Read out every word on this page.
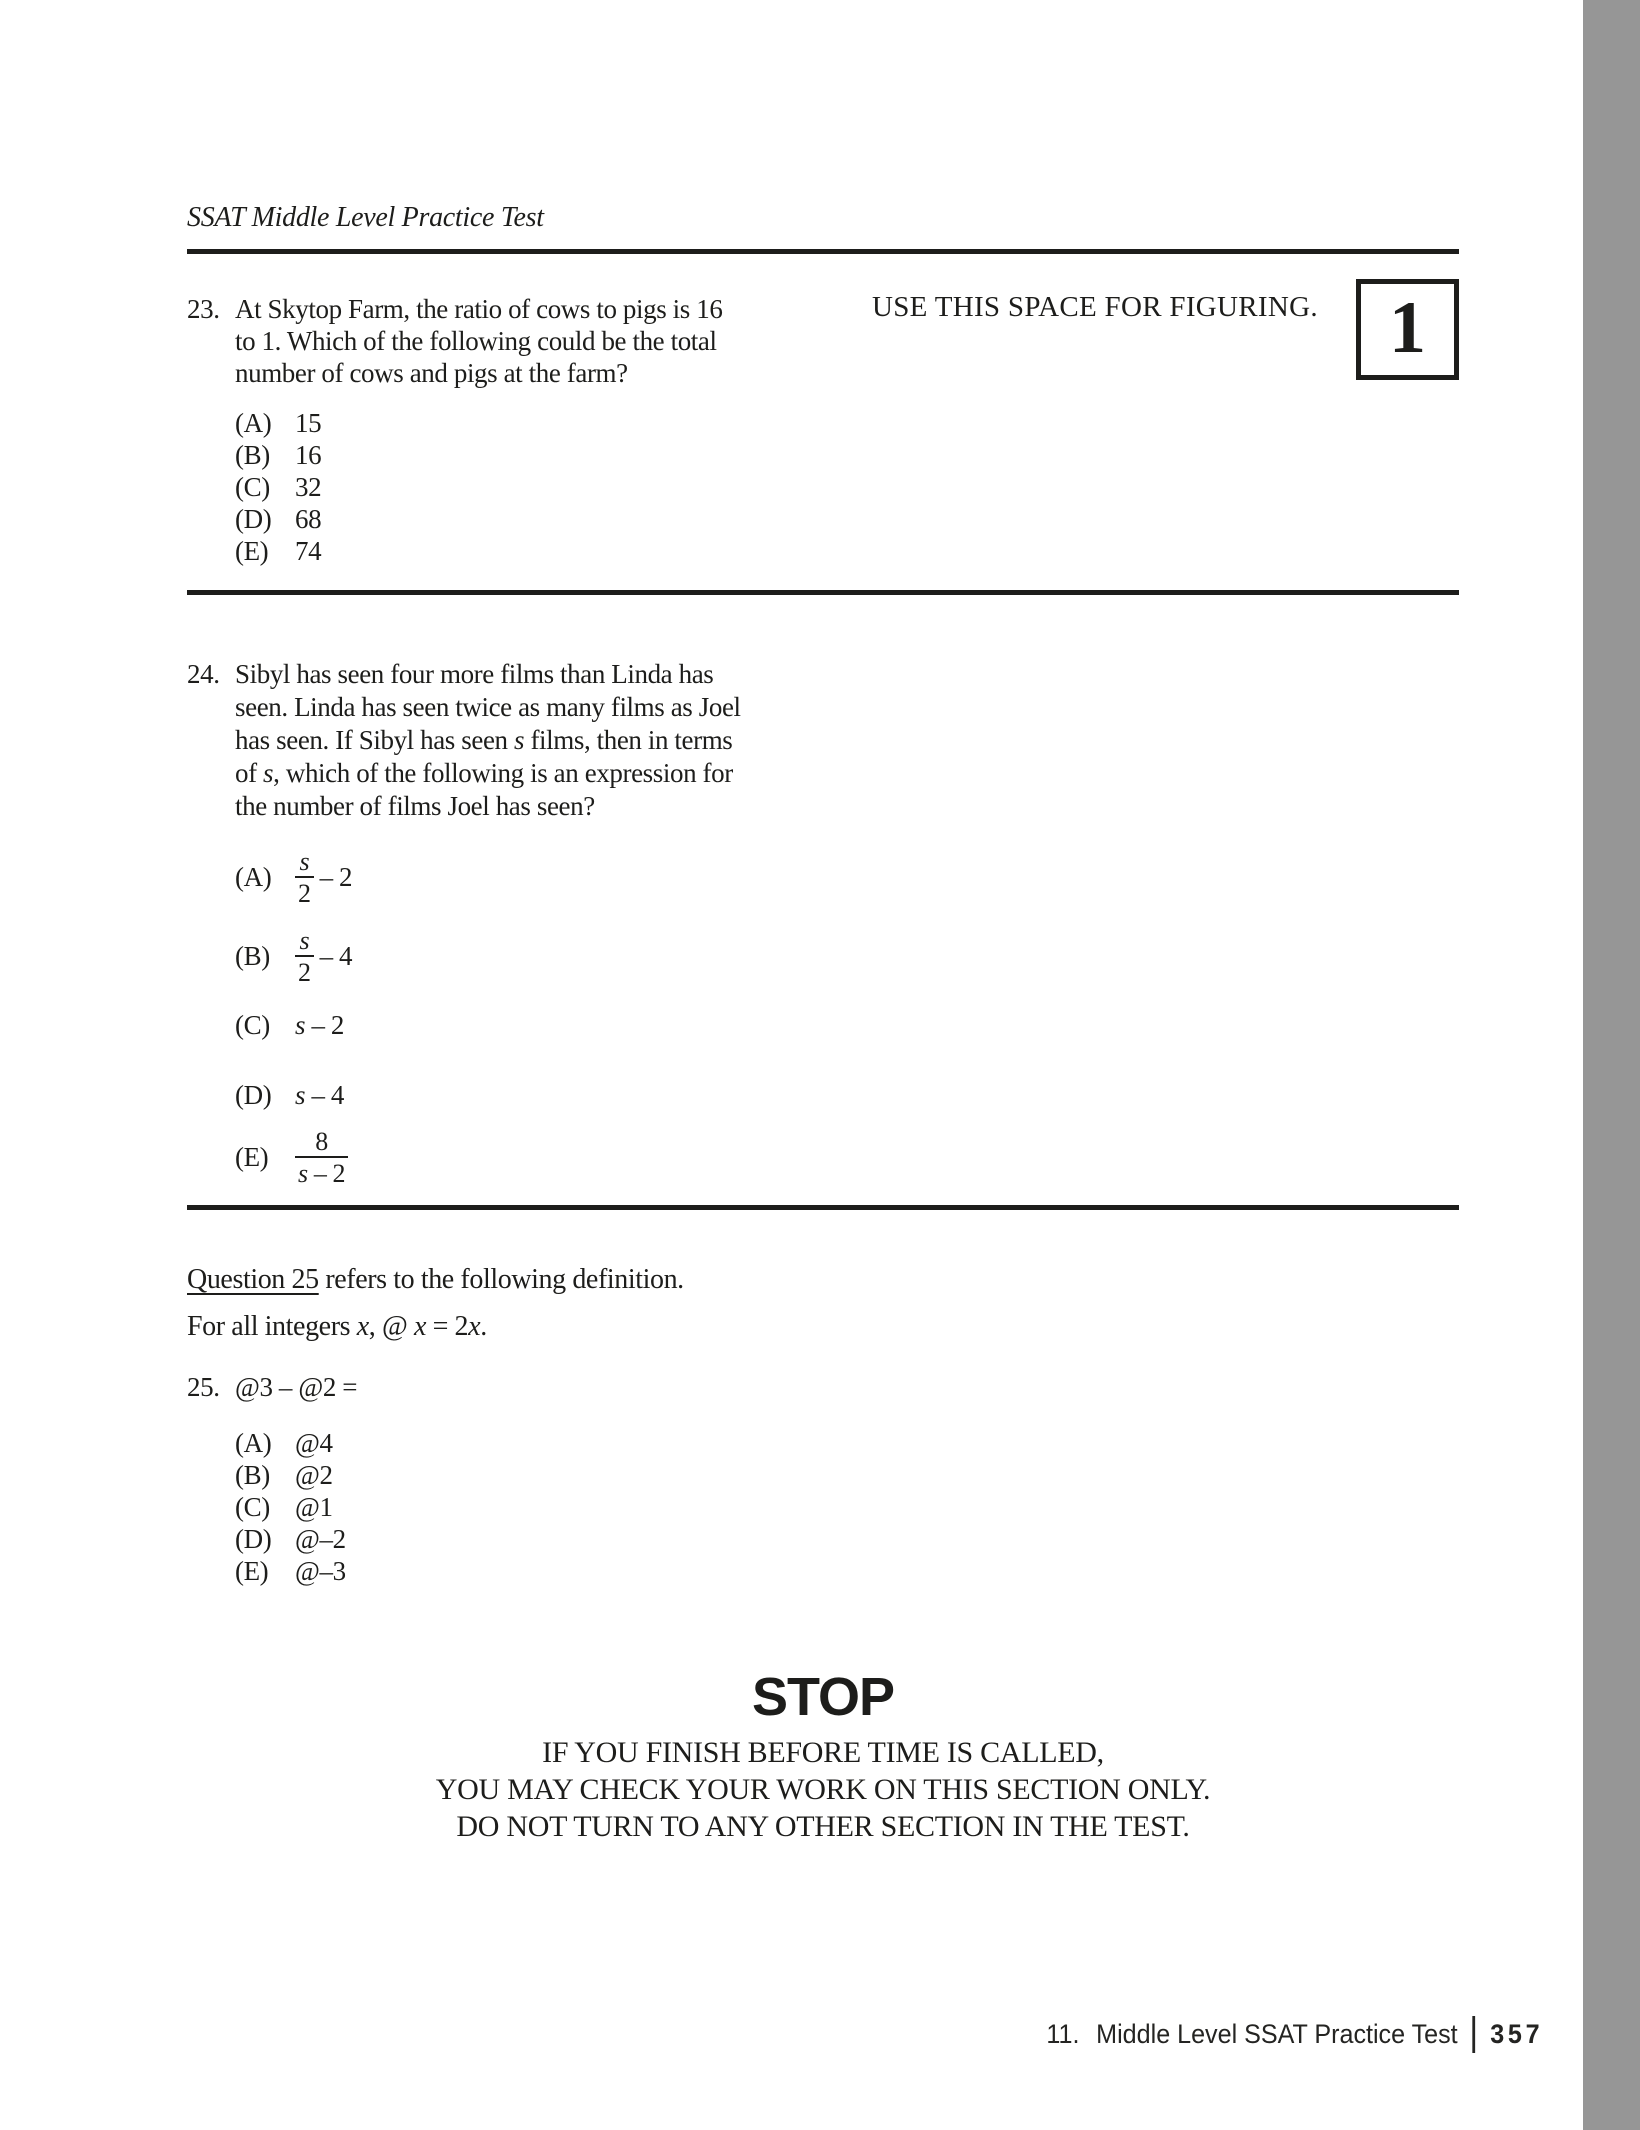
SSAT Middle Level Practice Test
USE THIS SPACE FOR FIGURING. 1
23. At Skytop Farm, the ratio of cows to pigs is 16
to 1. Which of the following could be the total
number of cows and pigs at the farm?
(A) 15
(B) 16
(C) 32
(D) 68
(E) 74
24. Sibyl has seen four more films than Linda has
seen. Linda has seen twice as many films as Joel
has seen. If Sibyl has seen s films, then in terms
of s, which of the following is an expression for
the number of films Joel has seen?
$(A) \frac{s}{2} - 2$
$(B) \frac{s}{2} - 4$
(C) s – 2
(D) s – 4
(E)	$\frac{8}{s - 2}$
Question 25 refers to the following definition.
For all integers x, @ x = 2x.
25. @3 – @2 =
(A) @4
(B) @2
(C) @1
(D) @–2
(E) @–3
STOP
IF YOU FINISH BEFORE TIME IS CALLED,
YOU MAY CHECK YOUR WORK ON THIS SECTION ONLY.
DO NOT TURN TO ANY OTHER SECTION IN THE TEST.
11. Middle Level SSAT Practice Test 357
